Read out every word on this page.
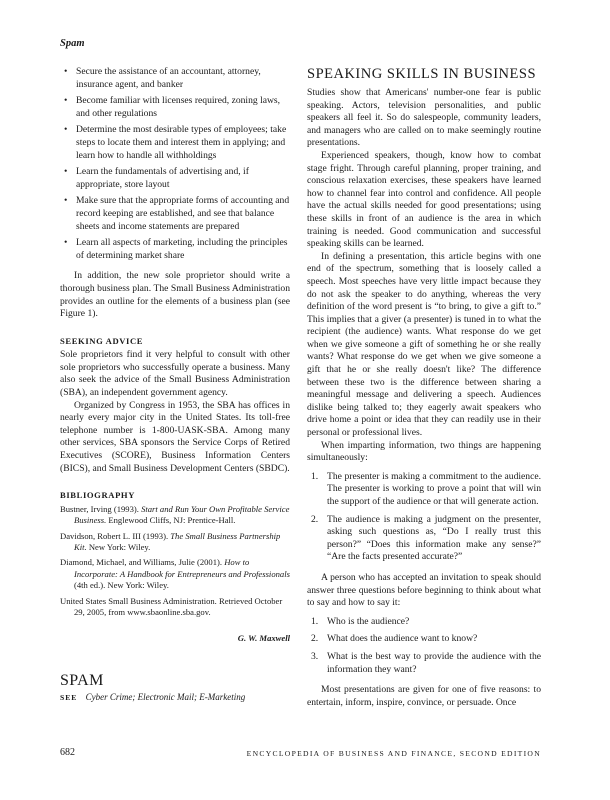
Spam
• Secure the assistance of an accountant, attorney, insurance agent, and banker
• Become familiar with licenses required, zoning laws, and other regulations
• Determine the most desirable types of employees; take steps to locate them and interest them in applying; and learn how to handle all withholdings
• Learn the fundamentals of advertising and, if appropriate, store layout
• Make sure that the appropriate forms of accounting and record keeping are established, and see that balance sheets and income statements are prepared
• Learn all aspects of marketing, including the principles of determining market share

In addition, the new sole proprietor should write a thorough business plan. The Small Business Administration provides an outline for the elements of a business plan (see Figure 1).

SEEKING ADVICE

Sole proprietors find it very helpful to consult with other sole proprietors who successfully operate a business. Many also seek the advice of the Small Business Administration (SBA), an independent government agency.

Organized by Congress in 1953, the SBA has offices in nearly every major city in the United States. Its toll-free telephone number is 1-800-UASK-SBA. Among many other services, SBA sponsors the Service Corps of Retired Executives (SCORE), Business Information Centers (BICS), and Small Business Development Centers (SBDC).

BIBLIOGRAPHY
Bustner, Irving (1993). Start and Run Your Own Profitable Service Business. Englewood Cliffs, NJ: Prentice-Hall.
Davidson, Robert L. III (1993). The Small Business Partnership Kit. New York: Wiley.
Diamond, Michael, and Williams, Julie (2001). How to Incorporate: A Handbook for Entrepreneurs and Professionals (4th ed.). New York: Wiley.
United States Small Business Administration. Retrieved October 29, 2005, from www.sbaonline.sba.gov.
G. W. Maxwell
SPAM
SEE Cyber Crime; Electronic Mail; E-Marketing
SPEAKING SKILLS IN BUSINESS

Studies show that Americans' number-one fear is public speaking. Actors, television personalities, and public speakers all feel it. So do salespeople, community leaders, and managers who are called on to make seemingly routine presentations.

Experienced speakers, though, know how to combat stage fright. Through careful planning, proper training, and conscious relaxation exercises, these speakers have learned how to channel fear into control and confidence. All people have the actual skills needed for good presentations; using these skills in front of an audience is the area in which training is needed. Good communication and successful speaking skills can be learned.

In defining a presentation, this article begins with one end of the spectrum, something that is loosely called a speech. Most speeches have very little impact because they do not ask the speaker to do anything, whereas the very definition of the word present is “to bring, to give a gift to.” This implies that a giver (a presenter) is tuned in to what the recipient (the audience) wants. What response do we get when we give someone a gift of something he or she really wants? What response do we get when we give someone a gift that he or she really doesn't like? The difference between these two is the difference between sharing a meaningful message and delivering a speech. Audiences dislike being talked to; they eagerly await speakers who drive home a point or idea that they can readily use in their personal or professional lives.

When imparting information, two things are happening simultaneously:

1. The presenter is making a commitment to the audience. The presenter is working to prove a point that will win the support of the audience or that will generate action.
2. The audience is making a judgment on the presenter, asking such questions as, “Do I really trust this person?” “Does this information make any sense?” “Are the facts presented accurate?”

A person who has accepted an invitation to speak should answer three questions before beginning to think about what to say and how to say it:

1. Who is the audience?
2. What does the audience want to know?
3. What is the best way to provide the audience with the information they want?

Most presentations are given for one of five reasons: to entertain, inform, inspire, convince, or persuade. Once

682	ENCYCLOPEDIA OF BUSINESS AND FINANCE, SECOND EDITION
